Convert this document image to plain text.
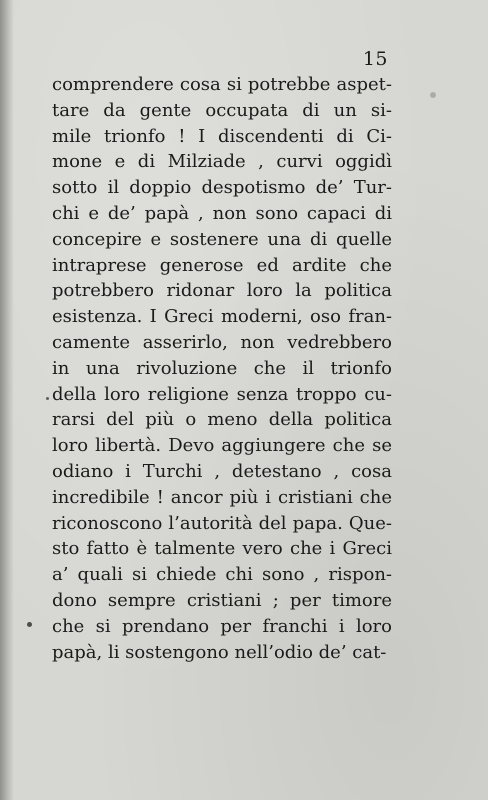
15
comprendere cosa si potrebbe aspet-
tare da gente occupata di un si-
mile trionfo ! I discendenti di Ci-
mone e di Milziade , curvi oggidì
sotto il doppio despotismo de’ Tur-
chi e de’ papà , non sono capaci di
concepire e sostenere una di quelle
intraprese generose ed ardite che
potrebbero ridonar loro la politica
esistenza. I Greci moderni, oso fran-
camente asserirlo, non vedrebbero
in una rivoluzione che il trionfo
della loro religione senza troppo cu-
rarsi del più o meno della politica
loro libertà. Devo aggiungere che se
odiano i Turchi , detestano , cosa
incredibile ! ancor più i cristiani che
riconoscono l’autorità del papa. Que-
sto fatto è talmente vero che i Greci
a’ quali si chiede chi sono , rispon-
dono sempre cristiani ; per timore
che si prendano per franchi i loro
papà, li sostengono nell’odio de’ cat-
